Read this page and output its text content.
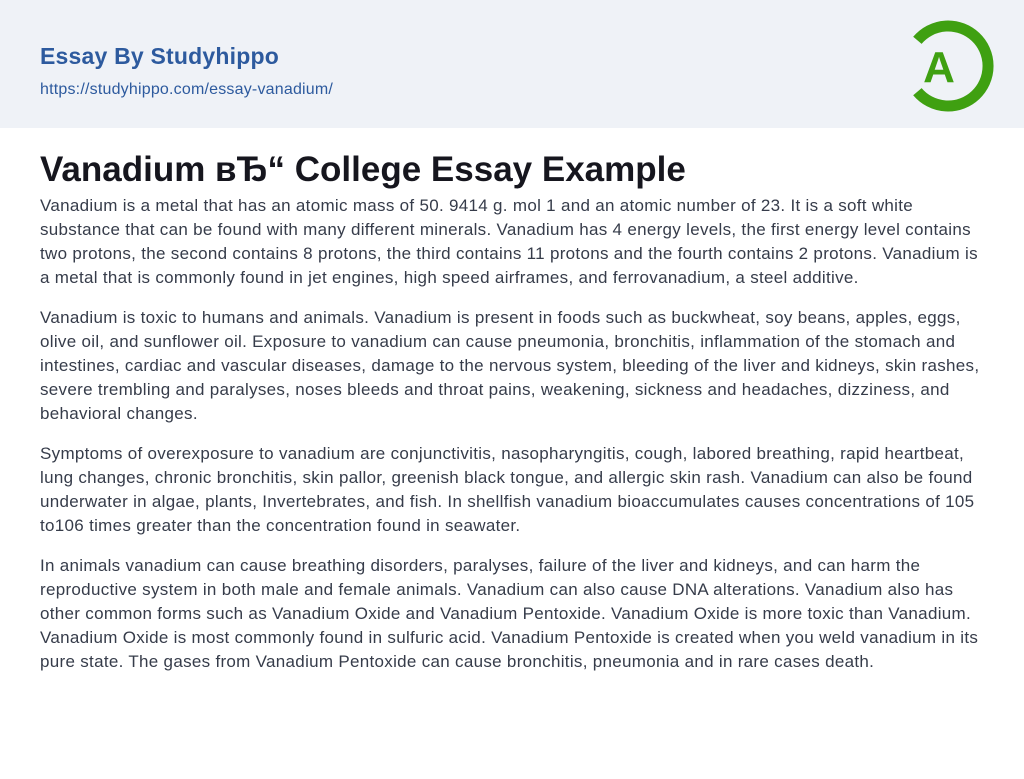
Essay By Studyhippo
https://studyhippo.com/essay-vanadium/	A
Vanadium вЂ“ College Essay Example

Vanadium is a metal that has an atomic mass of 50. 9414 g. mol 1 and an atomic number of 23. It is a soft white substance that can be found with many different minerals. Vanadium has 4 energy levels, the first energy level contains two protons, the second contains 8 protons, the third contains 11 protons and the fourth contains 2 protons. Vanadium is a metal that is commonly found in jet engines, high speed airframes, and ferrovanadium, a steel additive.

Vanadium is toxic to humans and animals. Vanadium is present in foods such as buckwheat, soy beans, apples, eggs, olive oil, and sunflower oil. Exposure to vanadium can cause pneumonia, bronchitis, inflammation of the stomach and intestines, cardiac and vascular diseases, damage to the nervous system, bleeding of the liver and kidneys, skin rashes, severe trembling and paralyses, noses bleeds and throat pains, weakening, sickness and headaches, dizziness, and behavioral changes.

Symptoms of overexposure to vanadium are conjunctivitis, nasopharyngitis, cough, labored breathing, rapid heartbeat, lung changes, chronic bronchitis, skin pallor, greenish black tongue, and allergic skin rash. Vanadium can also be found underwater in algae, plants, Invertebrates, and fish. In shellfish vanadium bioaccumulates causes concentrations of 105 to106 times greater than the concentration found in seawater.

In animals vanadium can cause breathing disorders, paralyses, failure of the liver and kidneys, and can harm the reproductive system in both male and female animals. Vanadium can also cause DNA alterations. Vanadium also has other common forms such as Vanadium Oxide and Vanadium Pentoxide. Vanadium Oxide is more toxic than Vanadium. Vanadium Oxide is most commonly found in sulfuric acid. Vanadium Pentoxide is created when you weld vanadium in its pure state. The gases from Vanadium Pentoxide can cause bronchitis, pneumonia and in rare cases death.
